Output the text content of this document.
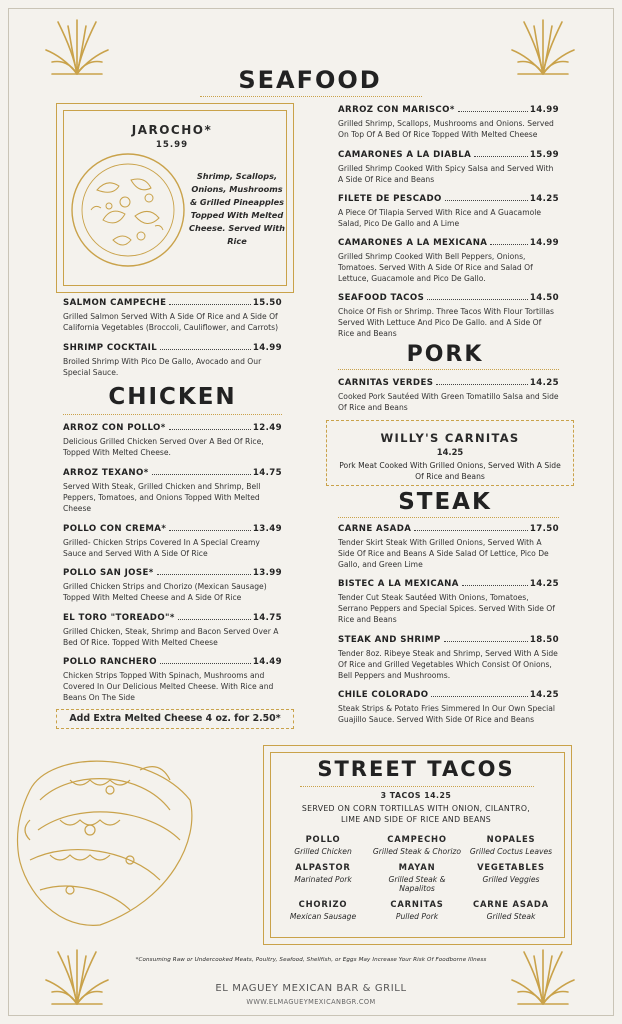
SEAFOOD
JAROCHO*
15.99
Shrimp, Scallops, Onions, Mushrooms & Grilled Pineapples Topped With Melted Cheese. Served With Rice
SALMON CAMPECHE	15.50
Grilled Salmon Served With A Side Of Rice and A Side Of California Vegetables (Broccoli, Cauliflower, and Carrots)
SHRIMP COCKTAIL	14.99
Broiled Shrimp With Pico De Gallo, Avocado and Our Special Sauce.
CHICKEN
ARROZ CON POLLO*	12.49
Delicious Grilled Chicken Served Over A Bed Of Rice, Topped With Melted Cheese.
ARROZ TEXANO*	14.75
Served With Steak, Grilled Chicken and Shrimp, Bell Peppers, Tomatoes, and Onions Topped With Melted Cheese
POLLO CON CREMA*	13.49
Grilled- Chicken Strips Covered In A Special Creamy Sauce and Served With A Side Of Rice
POLLO SAN JOSE*	13.99
Grilled Chicken Strips and Chorizo (Mexican Sausage) Topped With Melted Cheese and A Side Of Rice
EL TORO "TOREADO"*	14.75
Grilled Chicken, Steak, Shrimp and Bacon Served Over A Bed Of Rice. Topped With Melted Cheese
POLLO RANCHERO	14.49
Chicken Strips Topped With Spinach, Mushrooms and Covered In Our Delicious Melted Cheese. With Rice and Beans On The Side
Add Extra Melted Cheese 4 oz. for 2.50*
ARROZ CON MARISCO*	14.99
Grilled Shrimp, Scallops, Mushrooms and Onions. Served On Top Of A Bed Of Rice Topped With Melted Cheese
CAMARONES A LA DIABLA	15.99
Grilled Shrimp Cooked With Spicy Salsa and Served With A Side Of Rice and Beans
FILETE DE PESCADO	14.25
A Piece Of Tilapia Served With Rice and A Guacamole Salad, Pico De Gallo and A Lime
CAMARONES A LA MEXICANA	14.99
Grilled Shrimp Cooked With Bell Peppers, Onions, Tomatoes. Served With A Side Of Rice and Salad Of Lettuce, Guacamole and Pico De Gallo.
SEAFOOD TACOS	14.50
Choice Of Fish or Shrimp. Three Tacos With Flour Tortillas Served With Lettuce And Pico De Gallo. and A Side Of Rice and Beans
PORK
CARNITAS VERDES	14.25
Cooked Pork Sautéed With Green Tomatillo Salsa and Side Of Rice and Beans
WILLY'S CARNITAS
14.25
Pork Meat Cooked With Grilled Onions, Served With A Side Of Rice and Beans
STEAK
CARNE ASADA	17.50
Tender Skirt Steak With Grilled Onions, Served With A Side Of Rice and Beans A Side Salad Of Lettice, Pico De Gallo, and Green Lime
BISTEC A LA MEXICANA	14.25
Tender Cut Steak Sautéed With Onions, Tomatoes, Serrano Peppers and Special Spices. Served With Side Of Rice and Beans
STEAK AND SHRIMP	18.50
Tender 8oz. Ribeye Steak and Shrimp, Served With A Side Of Rice and Grilled Vegetables Which Consist Of Onions, Bell Peppers and Mushrooms.
CHILE COLORADO	14.25
Steak Strips & Potato Fries Simmered In Our Own Special Guajillo Sauce. Served With Side Of Rice and Beans
STREET TACOS
3 TACOS 14.25
SERVED ON CORN TORTILLAS WITH ONION, CILANTRO, LIME AND SIDE OF RICE AND BEANS
POLLO
Grilled Chicken
CAMPECHO
Grilled Steak & Chorizo
NOPALES
Grilled Coctus Leaves
ALPASTOR
Marinated Pork
MAYAN
Grilled Steak & Napalitos
VEGETABLES
Grilled Veggies
CHORIZO
Mexican Sausage
CARNITAS
Pulled Pork
CARNE ASADA
Grilled Steak
*Consuming Raw or Undercooked Meats, Poultry, Seafood, Shellfish, or Eggs May Increase Your Risk Of Foodborne Illness
EL MAGUEY MEXICAN BAR & GRILL
WWW.ELMAGUEYMEXICANBGR.COM
